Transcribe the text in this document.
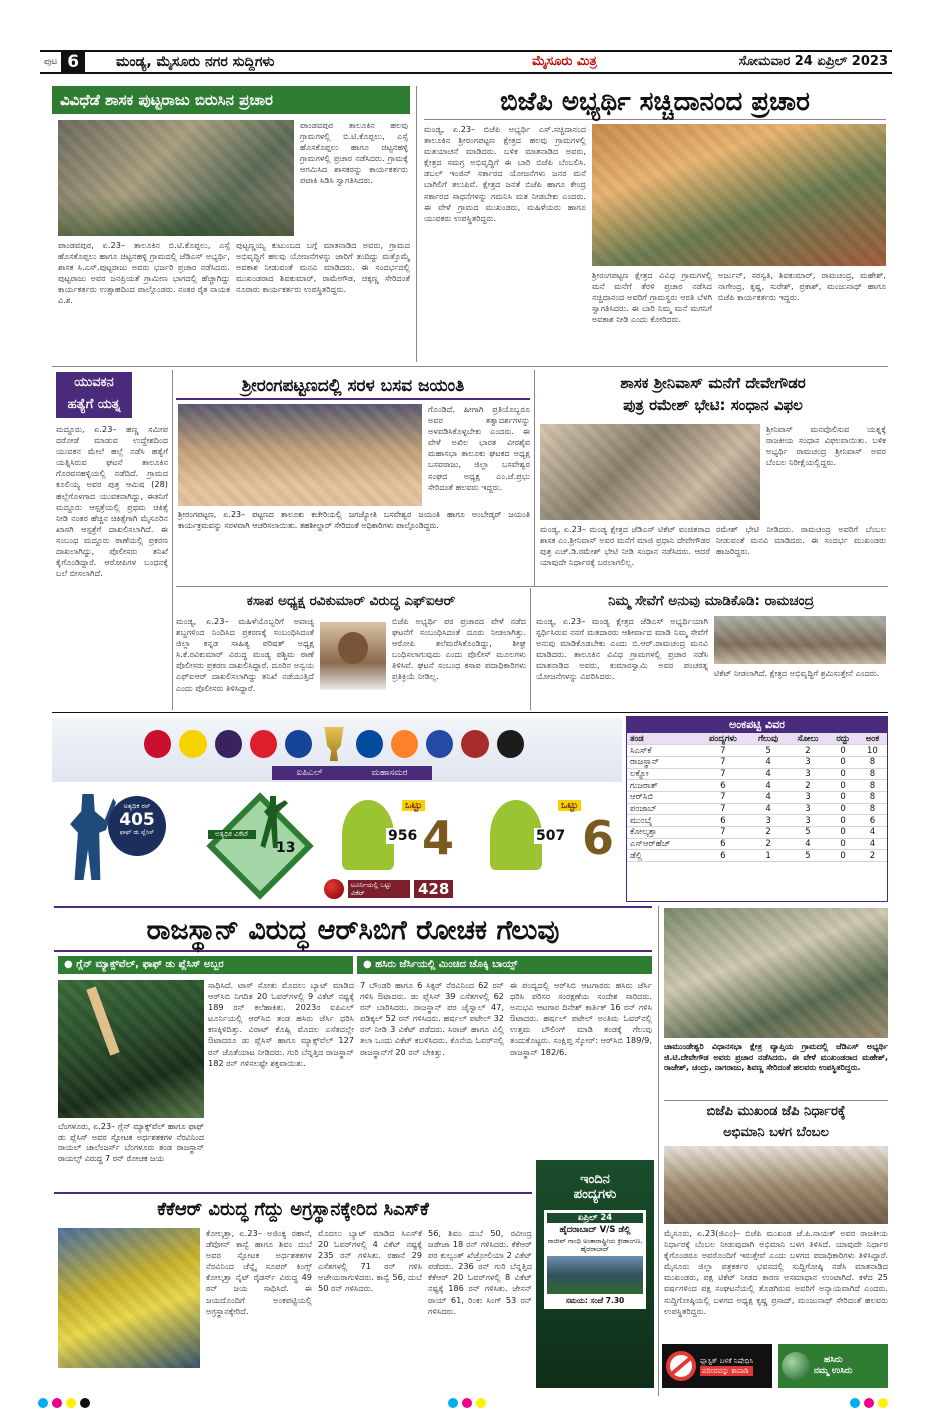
ಪುಟ 6	ಮಂಡ್ಯ, ಮೈಸೂರು ನಗರ ಸುದ್ದಿಗಳು	ಮೈಸೂರು ಮಿತ್ರ	ಸೋಮವಾರ 24 ಏಪ್ರಿಲ್ 2023
ವಿವಿಧೆಡೆ ಶಾಸಕ ಪುಟ್ಟರಾಜು ಬಿರುಸಿನ ಪ್ರಚಾರ
ಪಾಂಡವಪುರ ತಾಲೂಕಿನ ಹಲವು ಗ್ರಾಮಗಳಲ್ಲಿ ಬಿ.ಟಿ.ಕೊಪ್ಪಲು, ಎಸ್ಸೆ ಹೊಸಕೊಪ್ಪಲು ಹಾಗೂ ಚಿಟ್ಟನಹಳ್ಳಿ ಗ್ರಾಮಗಳಲ್ಲಿ ಪ್ರಚಾರ ನಡೆಸಿದರು. ಗ್ರಾಮಕ್ಕೆ ಆಗಮಿಸಿದ ಶಾಸಕರನ್ನು ಕಾರ್ಯಕರ್ತರು ಪಟಾಕಿ ಸಿಡಿಸಿ ಸ್ವಾಗತಿಸಿದರು.
ಪಾಂಡವಪುರ, ಏ.23– ತಾಲೂಕಿನ ಬಿ.ಟಿ.ಕೊಪ್ಪಲು, ಎಸ್ಸೆ ಹೊಸಕೊಪ್ಪಲು ಹಾಗೂ ಚಿಟ್ಟನಹಳ್ಳಿ ಗ್ರಾಮದಲ್ಲಿ ಜೆಡಿಎಸ್ ಅಭ್ಯರ್ಥಿ, ಶಾಸಕ ಸಿ.ಎಸ್.ಪುಟ್ಟರಾಜು ಅವರು ಭರ್ಜರಿ ಪ್ರಚಾರ ನಡೆಸಿದರು. ಪುಟ್ಟರಾಜು ಅವರ ಜನಪ್ರಿಯತೆ ಗ್ರಾಮೀಣ ಭಾಗದಲ್ಲಿ ಹೆಚ್ಚಾಗಿದ್ದು ಕಾರ್ಯಕರ್ತರು ಉತ್ಸಾಹದಿಂದ ಪಾಲ್ಗೊಂಡರು. ನಂತರ ರೈತ ನಾಯಕ ವಿ.ಶ.
ಪುಟ್ಟಣ್ಣಯ್ಯ ಕುಟುಂಬದ ಬಗ್ಗೆ ಮಾತನಾಡಿದ ಅವರು, ಗ್ರಾಮದ ಅಭಿವೃದ್ಧಿಗೆ ಹಲವು ಯೋಜನೆಗಳನ್ನು ಜಾರಿಗೆ ತಂದಿದ್ದು ಮತ್ತೊಮ್ಮೆ ಅವಕಾಶ ನೀಡುವಂತೆ ಮನವಿ ಮಾಡಿದರು. ಈ ಸಂದರ್ಭದಲ್ಲಿ ಮುಖಂಡರಾದ ಶಿವಕುಮಾರ್, ರಾಮೇಗೌಡ, ಚಿಕ್ಕಣ್ಣ ಸೇರಿದಂತೆ ನೂರಾರು ಕಾರ್ಯಕರ್ತರು ಉಪಸ್ಥಿತರಿದ್ದರು.
ಬಿಜೆಪಿ ಅಭ್ಯರ್ಥಿ ಸಚ್ಚಿದಾನಂದ ಪ್ರಚಾರ
ಮಂಡ್ಯ, ಏ.23– ಬಿಜೆಪಿ ಅಭ್ಯರ್ಥಿ ಎಸ್.ಸಚ್ಚಿದಾನಂದ ತಾಲೂಕಿನ ಶ್ರೀರಂಗಪಟ್ಟಣ ಕ್ಷೇತ್ರದ ಹಲವು ಗ್ರಾಮಗಳಲ್ಲಿ ಮತಯಾಚನೆ ಮಾಡಿದರು. ಬಳಿಕ ಮಾತನಾಡಿದ ಅವರು, ಕ್ಷೇತ್ರದ ಸಮಗ್ರ ಅಭಿವೃದ್ಧಿಗೆ ಈ ಬಾರಿ ಬಿಜೆಪಿ ಬೆಂಬಲಿಸಿ. ಡಬಲ್ ಇಂಜಿನ್ ಸರ್ಕಾರದ ಯೋಜನೆಗಳು ಜನರ ಮನೆ ಬಾಗಿಲಿಗೆ ತಲುಪಿವೆ. ಕ್ಷೇತ್ರದ ಜನತೆ ಬಿಜೆಪಿ ಹಾಗೂ ಕೇಂದ್ರ ಸರ್ಕಾರದ ಸಾಧನೆಗಳನ್ನು ಗಮನಿಸಿ ಮತ ನೀಡಬೇಕು ಎಂದರು. ಈ ವೇಳೆ ಗ್ರಾಮದ ಮುಖಂಡರು, ಮಹಿಳೆಯರು ಹಾಗೂ ಯುವಕರು ಉಪಸ್ಥಿತರಿದ್ದರು.
ಶ್ರೀರಂಗಪಟ್ಟಣ ಕ್ಷೇತ್ರದ ವಿವಿಧ ಗ್ರಾಮಗಳಲ್ಲಿ ಮನೆ ಮನೆಗೆ ತೆರಳಿ ಪ್ರಚಾರ ನಡೆಸಿದ ಸಚ್ಚಿದಾನಂದ ಅವರಿಗೆ ಗ್ರಾಮಸ್ಥರು ಆರತಿ ಬೆಳಗಿ ಸ್ವಾಗತಿಸಿದರು. ಈ ಬಾರಿ ನಿಮ್ಮ ಮನೆ ಮಗನಿಗೆ ಅವಕಾಶ ನೀಡಿ ಎಂದು ಕೋರಿದರು.
ಅರ್ಜುನ್, ಸರಸ್ವತಿ, ಶಿವಕುಮಾರ್, ರಾಮಚಂದ್ರ, ಮಹೇಶ್, ನಾಗೇಂದ್ರ, ಕೃಷ್ಣ, ಸುರೇಶ್, ಪ್ರಕಾಶ್, ಮಂಜುನಾಥ್ ಹಾಗೂ ಬಿಜೆಪಿ ಕಾರ್ಯಕರ್ತರು ಇದ್ದರು.
ಯುವಕನ
ಹತ್ಯೆಗೆ ಯತ್ನ
ಮದ್ದೂರು, ಏ.23– ಹಣ್ಣ ಸಮೀಪ ದರೋಡೆ ಮಾಡುವ ಉದ್ದೇಶದಿಂದ ಯುವಕನ ಮೇಲೆ ಹಲ್ಲೆ ನಡೆಸಿ ಹತ್ಯೆಗೆ ಯತ್ನಿಸಿರುವ ಘಟನೆ ತಾಲೂಕಿನ ಗೊರವನಹಳ್ಳಿಯಲ್ಲಿ ನಡೆದಿದೆ. ಗ್ರಾಮದ ಕೂಲಿಯ್ಯ ಅವರ ಪುತ್ರ ಆಮಿಷ (28) ಹಲ್ಲೆಗೊಳಗಾದ ಯುವಕನಾಗಿದ್ದು, ಈತನಿಗೆ ಮದ್ದೂರು ಆಸ್ಪತ್ರೆಯಲ್ಲಿ ಪ್ರಥಮ ಚಿಕಿತ್ಸೆ ನೀಡಿ ನಂತರ ಹೆಚ್ಚಿನ ಚಿಕಿತ್ಸೆಗಾಗಿ ಮೈಸೂರಿನ ಖಾಸಗಿ ಆಸ್ಪತ್ರೆಗೆ ದಾಖಲಿಸಲಾಗಿದೆ. ಈ ಸಂಬಂಧ ಮದ್ದೂರು ಠಾಣೆಯಲ್ಲಿ ಪ್ರಕರಣ ದಾಖಲಾಗಿದ್ದು, ಪೊಲೀಸರು ತನಿಖೆ ಕೈಗೊಂಡಿದ್ದಾರೆ. ಆರೋಪಿಗಳ ಬಂಧನಕ್ಕೆ ಬಲೆ ಬೀಸಲಾಗಿದೆ.
ಶ್ರೀರಂಗಪಟ್ಟಣದಲ್ಲಿ ಸರಳ ಬಸವ ಜಯಂತಿ
ಗೊಂಡಿದೆ. ಹೀಗಾಗಿ ಪ್ರತಿಯೊಬ್ಬರೂ ಅವರ ತತ್ವಾದರ್ಶಗಳನ್ನು ಅಳವಡಿಸಿಕೊಳ್ಳಬೇಕು ಎಂದರು. ಈ ವೇಳೆ ಅಖಿಲ ಭಾರತ ವೀರಶೈವ ಮಹಾಸಭಾ ತಾಲೂಕು ಘಟಕದ ಅಧ್ಯಕ್ಷ ಬಸವರಾಜು, ಜಿಲ್ಲಾ ಬಸವೇಶ್ವರ ಸಂಘದ ಅಧ್ಯಕ್ಷ ಎಂ.ಜೆ.ಪ್ರಭು ಸೇರಿದಂತೆ ಹಲವರು ಇದ್ದರು.
ಶ್ರೀರಂಗಪಟ್ಟಣ, ಏ.23– ಪಟ್ಟಣದ ತಾಲೂಕು ಕಚೇರಿಯಲ್ಲಿ ಜಗಜ್ಯೋತಿ ಬಸವೇಶ್ವರ ಜಯಂತಿ ಹಾಗೂ ಅಂಬೇಡ್ಕರ್ ಜಯಂತಿ ಕಾರ್ಯಕ್ರಮವನ್ನು ಸರಳವಾಗಿ ಆಚರಿಸಲಾಯಿತು. ತಹಶೀಲ್ದಾರ್ ಸೇರಿದಂತೆ ಅಧಿಕಾರಿಗಳು ಪಾಲ್ಗೊಂಡಿದ್ದರು.
ಶಾಸಕ ಶ್ರೀನಿವಾಸ್ ಮನೆಗೆ ದೇವೇಗೌಡರ
ಪುತ್ರ ರಮೇಶ್ ಭೇಟಿ: ಸಂಧಾನ ವಿಫಲ
ಶ್ರೀನಿವಾಸ್ ಮನವೊಲಿಸುವ ಯತ್ನಕ್ಕೆ ರಾಜಕೀಯ ಸಂಧಾನ ವಿಫಲವಾಯಿತು. ಬಳಿಕ ಅಭ್ಯರ್ಥಿ ರಾಮಚಂದ್ರ ಶ್ರೀನಿವಾಸ್ ಅವರ ಬೆಂಬಲ ನಿರೀಕ್ಷೆಯಲ್ಲಿದ್ದರು.
ಮಂಡ್ಯ, ಏ.23– ಮಂಡ್ಯ ಕ್ಷೇತ್ರದ ಜೆಡಿಎಸ್ ಟಿಕೆಟ್ ವಂಚಿತರಾದ ಶಾಸಕ ಎಂ.ಶ್ರೀನಿವಾಸ್ ಅವರ ಮನೆಗೆ ಮಾಜಿ ಪ್ರಧಾನಿ ದೇವೇಗೌಡರ ಪುತ್ರ ಎಚ್.ಡಿ.ರಮೇಶ್ ಭೇಟಿ ನೀಡಿ ಸಂಧಾನ ನಡೆಸಿದರು. ಆದರೆ ಯಾವುದೇ ನಿರ್ಧಾರಕ್ಕೆ ಬರಲಾಗಲಿಲ್ಲ.
ರಮೇಶ್ ಭೇಟಿ ನೀಡಿದರು. ರಾಮಚಂದ್ರ ಅವರಿಗೆ ಬೆಂಬಲ ನೀಡುವಂತೆ ಮನವಿ ಮಾಡಿದರು. ಈ ಸಂದರ್ಭ ಮುಖಂಡರು ಹಾಜರಿದ್ದರು.
ಕಸಾಪ ಅಧ್ಯಕ್ಷ ರವಿಕುಮಾರ್ ವಿರುದ್ಧ ಎಫ್‌ಐಆರ್
ಮಂಡ್ಯ, ಏ.23– ಮಹಿಳೆಯೊಬ್ಬರಿಗೆ ಅವಾಚ್ಯ ಶಬ್ದಗಳಿಂದ ನಿಂದಿಸಿದ ಪ್ರಕರಣಕ್ಕೆ ಸಂಬಂಧಿಸಿದಂತೆ ಜಿಲ್ಲಾ ಕನ್ನಡ ಸಾಹಿತ್ಯ ಪರಿಷತ್ ಅಧ್ಯಕ್ಷ ಸಿ.ಕೆ.ರವಿಕುಮಾರ್ ವಿರುದ್ಧ ಮಂಡ್ಯ ಪಶ್ಚಿಮ ಠಾಣೆ ಪೊಲೀಸರು ಪ್ರಕರಣ ದಾಖಲಿಸಿದ್ದಾರೆ. ದೂರಿನ ಅನ್ವಯ ಎಫ್‌ಐಆರ್ ದಾಖಲಿಸಲಾಗಿದ್ದು ತನಿಖೆ ನಡೆಯುತ್ತಿದೆ ಎಂದು ಪೊಲೀಸರು ತಿಳಿಸಿದ್ದಾರೆ.
ಬಿಜೆಪಿ ಅಭ್ಯರ್ಥಿ ಪರ ಪ್ರಚಾರದ ವೇಳೆ ನಡೆದ ಘಟನೆಗೆ ಸಂಬಂಧಿಸಿದಂತೆ ದೂರು ನೀಡಲಾಗಿತ್ತು. ಆರೋಪಿ ತಲೆಮರೆಸಿಕೊಂಡಿದ್ದು, ಶೀಘ್ರ ಬಂಧಿಸಲಾಗುವುದು ಎಂದು ಪೊಲೀಸ್ ಮೂಲಗಳು ತಿಳಿಸಿವೆ. ಘಟನೆ ಸಂಬಂಧ ಕಸಾಪ ಪದಾಧಿಕಾರಿಗಳು ಪ್ರತಿಕ್ರಿಯೆ ನೀಡಿಲ್ಲ.
ನಿಮ್ಮ ಸೇವೆಗೆ ಅನುವು ಮಾಡಿಕೊಡಿ: ರಾಮಚಂದ್ರ
ಮಂಡ್ಯ, ಏ.23– ಮಂಡ್ಯ ಕ್ಷೇತ್ರದ ಜೆಡಿಎಸ್ ಅಭ್ಯರ್ಥಿಯಾಗಿ ಸ್ಪರ್ಧಿಸಿರುವ ನನಗೆ ಮತದಾರರು ಆಶೀರ್ವಾದ ಮಾಡಿ ನಿಮ್ಮ ಸೇವೆಗೆ ಅನುವು ಮಾಡಿಕೊಡಬೇಕು ಎಂದು ಬಿ.ಆರ್.ರಾಮಚಂದ್ರ ಮನವಿ ಮಾಡಿದರು. ತಾಲೂಕಿನ ವಿವಿಧ ಗ್ರಾಮಗಳಲ್ಲಿ ಪ್ರಚಾರ ನಡೆಸಿ ಮಾತನಾಡಿದ ಅವರು, ಕುಮಾರಸ್ವಾಮಿ ಅವರ ಪಂಚರತ್ನ ಯೋಜನೆಗಳನ್ನು ವಿವರಿಸಿದರು.	ಟಿಕೆಟ್ ನೀಡಲಾಗಿದೆ. ಕ್ಷೇತ್ರದ ಅಭಿವೃದ್ಧಿಗೆ ಶ್ರಮಿಸುತ್ತೇನೆ ಎಂದರು.
ಐಪಿಎಲ್	ಮಹಾಸಮರ
ಅತ್ಯಧಿಕ ರನ್
405
ಫಾಫ್ ಡು ಪ್ಲೆಸಿಸ್	ಅತ್ಯಧಿಕ ವಿಕೆಟ್
13
ಒಟ್ಟು
956 4
ಒಟ್ಟು
507 6
ಟೂರ್ನಿಯಲ್ಲಿ ಒಟ್ಟು ವಿಕೆಟ್	428
ಅಂಕಪಟ್ಟಿ ವಿವರ
ತಂಡ	ಪಂದ್ಯಗಳು	ಗೆಲುವು	ಸೋಲು	ರದ್ದು	ಅಂಕ
ಸಿಎಸ್‌ಕೆ	7	5	2	0	10
ರಾಜಸ್ಥಾನ್	7	4	3	0	8
ಲಕ್ನೋ	7	4	3	0	8
ಗುಜರಾತ್	6	4	2	0	8
ಆರ್‌ಸಿಬಿ	7	4	3	0	8
ಪಂಜಾಬ್	7	4	3	0	8
ಮುಂಬೈ	6	3	3	0	6
ಕೋಲ್ಕತ್ತಾ	7	2	5	0	4
ಎಸ್‌ಆರ್‌ಹೆಚ್	6	2	4	0	4
ಡೆಲ್ಲಿ	6	1	5	0	2
ರಾಜಸ್ಥಾನ್ ವಿರುದ್ಧ ಆರ್‌ಸಿಬಿಗೆ ರೋಚಕ ಗೆಲುವು
● ಗ್ಲೆನ್ ಮ್ಯಾಕ್ಸ್‌ವೆಲ್, ಫಾಫ್ ಡು ಪ್ಲೆಸಿಸ್ ಅಬ್ಬರ	● ಹಸಿರು ಜೆರ್ಸಿಯಲ್ಲಿ ಮಿಂಚಿದ ಚೊಕ್ಕಿ ಬಾಯ್ಸ್
ಬೆಂಗಳೂರು, ಏ.23– ಗ್ಲೆನ್ ಮ್ಯಾಕ್ಸ್‌ವೆಲ್ ಹಾಗೂ ಫಾಫ್ ಡು ಪ್ಲೆಸಿಸ್ ಅವರ ಸ್ಫೋಟಕ ಅರ್ಧಶತಕಗಳ ನೆರವಿನಿಂದ ರಾಯಲ್ ಚಾಲೆಂಜರ್ಸ್ ಬೆಂಗಳೂರು ತಂಡ ರಾಜಸ್ಥಾನ್ ರಾಯಲ್ಸ್ ವಿರುದ್ಧ 7 ರನ್ ರೋಚಕ ಜಯ
ಸಾಧಿಸಿದೆ. ಟಾಸ್ ಸೋತು ಮೊದಲು ಬ್ಯಾಟ್ ಮಾಡಿದ ಆರ್‌ಸಿಬಿ ನಿಗದಿತ 20 ಓವರ್‌ಗಳಲ್ಲಿ 9 ವಿಕೆಟ್ ನಷ್ಟಕ್ಕೆ 189 ರನ್ ಕಲೆಹಾಕಿತು. 2023ರ ಐಪಿಎಲ್ ಟೂರ್ನಿಯಲ್ಲಿ ಆರ್‌ಸಿಬಿ ತಂಡ ಹಸಿರು ಜೆರ್ಸಿ ಧರಿಸಿ ಕಣಕ್ಕಿಳಿದಿತ್ತು. ವಿರಾಟ್ ಕೊಹ್ಲಿ ಮೊದಲ ಎಸೆತದಲ್ಲೇ ಔಟಾದರೂ ಡು ಪ್ಲೆಸಿಸ್ ಹಾಗೂ ಮ್ಯಾಕ್ಸ್‌ವೆಲ್ 127 ರನ್ ಜೊತೆಯಾಟ ನೀಡಿದರು. ಗುರಿ ಬೆನ್ನತ್ತಿದ ರಾಜಸ್ಥಾನ್ 182 ರನ್ ಗಳಿಸಲಷ್ಟೇ ಶಕ್ತವಾಯಿತು.
7 ಬೌಂಡರಿ ಹಾಗೂ 6 ಸಿಕ್ಸರ್ ನೆರವಿನಿಂದ 62 ರನ್ ಗಳಿಸಿ ಔಟಾದರು. ಡು ಪ್ಲೆಸಿಸ್ 39 ಎಸೆತಗಳಲ್ಲಿ 62 ರನ್ ಬಾರಿಸಿದರು. ರಾಜಸ್ಥಾನ್ ಪರ ಜೈಸ್ವಾಲ್ 47, ಪಡಿಕ್ಕಲ್ 52 ರನ್ ಗಳಿಸಿದರು. ಹರ್ಷಲ್ ಪಟೇಲ್ 32 ರನ್ ನೀಡಿ 3 ವಿಕೆಟ್ ಪಡೆದರು. ಸಿರಾಜ್ ಹಾಗೂ ವಿಲ್ಲಿ ತಲಾ ಒಂದು ವಿಕೆಟ್ ಕಬಳಿಸಿದರು. ಕೊನೆಯ ಓವರ್‌ನಲ್ಲಿ ರಾಜಸ್ಥಾನ್‌ಗೆ 20 ರನ್ ಬೇಕಿತ್ತು.
ಈ ಪಂದ್ಯದಲ್ಲಿ ಆರ್‌ಸಿಬಿ ಆಟಗಾರರು ಹಸಿರು ಜೆರ್ಸಿ ಧರಿಸಿ ಪರಿಸರ ಸಂರಕ್ಷಣೆಯ ಸಂದೇಶ ಸಾರಿದರು. ಅನುಭವಿ ಆಟಗಾರ ದಿನೇಶ್ ಕಾರ್ತಿಕ್ 16 ರನ್ ಗಳಿಸಿ ಔಟಾದರು. ಹರ್ಷಲ್ ಪಟೇಲ್ ಅಂತಿಮ ಓವರ್‌ನಲ್ಲಿ ಉತ್ತಮ ಬೌಲಿಂಗ್ ಮಾಡಿ ತಂಡಕ್ಕೆ ಗೆಲುವು ತಂದುಕೊಟ್ಟರು. ಸಂಕ್ಷಿಪ್ತ ಸ್ಕೋರ್: ಆರ್‌ಸಿಬಿ 189/9, ರಾಜಸ್ಥಾನ್ 182/6.
ಇಂದಿನ
ಪಂದ್ಯಗಳು
ಏಪ್ರಿಲ್ 24
ಹೈದರಾಬಾದ್ V/S ಡೆಲ್ಲಿ
ರಾಜೀವ್ ಗಾಂಧಿ ಅಂತಾರಾಷ್ಟ್ರೀಯ ಕ್ರೀಡಾಂಗಣ, ಹೈದರಾಬಾದ್
ಸಮಯ: ಸಂಜೆ 7.30
ಕೆಕೆಆರ್ ವಿರುದ್ಧ ಗೆದ್ದು ಅಗ್ರಸ್ಥಾನಕ್ಕೇರಿದ ಸಿಎಸ್‌ಕೆ
ಕೋಲ್ಕತ್ತಾ, ಏ.23– ಅಜಿಂಕ್ಯ ರಹಾನೆ, ಡೆವೋನ್ ಕಾನ್ವೆ ಹಾಗೂ ಶಿವಂ ದುಬೆ ಅವರ ಸ್ಫೋಟಕ ಅರ್ಧಶತಕಗಳ ನೆರವಿನಿಂದ ಚೆನ್ನೈ ಸೂಪರ್ ಕಿಂಗ್ಸ್ ಕೋಲ್ಕತ್ತಾ ನೈಟ್ ರೈಡರ್ಸ್ ವಿರುದ್ಧ 49 ರನ್ ಜಯ ಸಾಧಿಸಿದೆ. ಈ ಜಯದೊಂದಿಗೆ ಅಂಕಪಟ್ಟಿಯಲ್ಲಿ ಅಗ್ರಸ್ಥಾನಕ್ಕೇರಿದೆ.
ಮೊದಲು ಬ್ಯಾಟ್ ಮಾಡಿದ ಸಿಎಸ್‌ಕೆ 20 ಓವರ್‌ಗಳಲ್ಲಿ 4 ವಿಕೆಟ್ ನಷ್ಟಕ್ಕೆ 235 ರನ್ ಗಳಿಸಿತು. ರಹಾನೆ 29 ಎಸೆತಗಳಲ್ಲಿ 71 ರನ್ ಗಳಿಸಿ ಅಜೇಯರಾಗುಳಿದರು. ಕಾನ್ವೆ 56, ದುಬೆ 50 ರನ್ ಗಳಿಸಿದರು.
56, ಶಿವಂ ದುಬೆ 50, ರವೀಂದ್ರ ಜಡೇಜಾ 18 ರನ್ ಗಳಿಸಿದರು. ಕೆಕೆಆರ್ ಪರ ಕುಲ್ವಂತ್ ಖೆಜ್ರೋಲಿಯಾ 2 ವಿಕೆಟ್ ಪಡೆದರು. 236 ರನ್ ಗುರಿ ಬೆನ್ನತ್ತಿದ ಕೆಕೆಆರ್ 20 ಓವರ್‌ಗಳಲ್ಲಿ 8 ವಿಕೆಟ್ ನಷ್ಟಕ್ಕೆ 186 ರನ್ ಗಳಿಸಿತು. ಜೇಸನ್ ರಾಯ್ 61, ರಿಂಕು ಸಿಂಗ್ 53 ರನ್ ಗಳಿಸಿದರು.
ಚಾಮುಂಡೇಶ್ವರಿ ವಿಧಾನಸಭಾ ಕ್ಷೇತ್ರ ವ್ಯಾಪ್ತಿಯ ಗ್ರಾಮದಲ್ಲಿ ಜೆಡಿಎಸ್ ಅಭ್ಯರ್ಥಿ ಜಿ.ಟಿ.ದೇವೇಗೌಡ ಅವರು ಪ್ರಚಾರ ನಡೆಸಿದರು. ಈ ವೇಳೆ ಮುಖಂಡರಾದ ಮಹೇಶ್, ರಾಜೇಶ್, ಚಂದ್ರು, ನಾಗರಾಜು, ಶಿವಣ್ಣ ಸೇರಿದಂತೆ ಹಲವರು ಉಪಸ್ಥಿತರಿದ್ದರು.
ಬಿಜೆಪಿ ಮುಖಂಡ ಜೆಪಿ ನಿರ್ಧಾರಕ್ಕೆ
ಅಭಿಮಾನಿ ಬಳಗ ಬೆಂಬಲ
ಮೈಸೂರು, ಏ.23(ಜಿಎಂ)– ಬಿಜೆಪಿ ಮುಖಂಡ ಜೆ.ಪಿ.ನಾಯಕ್ ಅವರ ರಾಜಕೀಯ ನಿರ್ಧಾರಕ್ಕೆ ಬೆಂಬಲ ನೀಡುವುದಾಗಿ ಅಭಿಮಾನಿ ಬಳಗ ತಿಳಿಸಿದೆ. ಯಾವುದೇ ನಿರ್ಧಾರ ಕೈಗೊಂಡರೂ ಅವರೊಂದಿಗೆ ಇರುತ್ತೇವೆ ಎಂದು ಬಳಗದ ಪದಾಧಿಕಾರಿಗಳು ತಿಳಿಸಿದ್ದಾರೆ. ಮೈಸೂರು ಜಿಲ್ಲಾ ಪತ್ರಕರ್ತರ ಭವನದಲ್ಲಿ ಸುದ್ದಿಗೋಷ್ಠಿ ನಡೆಸಿ ಮಾತನಾಡಿದ ಮುಖಂಡರು, ಪಕ್ಷ ಟಿಕೆಟ್ ನೀಡದ ಕಾರಣ ಅಸಮಾಧಾನ ಉಂಟಾಗಿದೆ. ಕಳೆದ 25 ವರ್ಷಗಳಿಂದ ಪಕ್ಷ ಸಂಘಟನೆಯಲ್ಲಿ ತೊಡಗಿರುವ ಅವರಿಗೆ ಅನ್ಯಾಯವಾಗಿದೆ ಎಂದರು. ಸುದ್ದಿಗೋಷ್ಠಿಯಲ್ಲಿ ಬಳಗದ ಅಧ್ಯಕ್ಷ ಕೃಷ್ಣ ಪ್ರಸಾದ್, ಮಂಜುನಾಥ್ ಸೇರಿದಂತೆ ಹಲವರು ಉಪಸ್ಥಿತರಿದ್ದರು.
ಪ್ಲಾಸ್ಟಿಕ್ ಬಳಕೆ ನಿಷೇಧಿಸಿ
ಪರಿಸರವನ್ನು ಕಾಪಾಡಿ
ಹಸಿರು
ನಮ್ಮ ಉಸಿರು
